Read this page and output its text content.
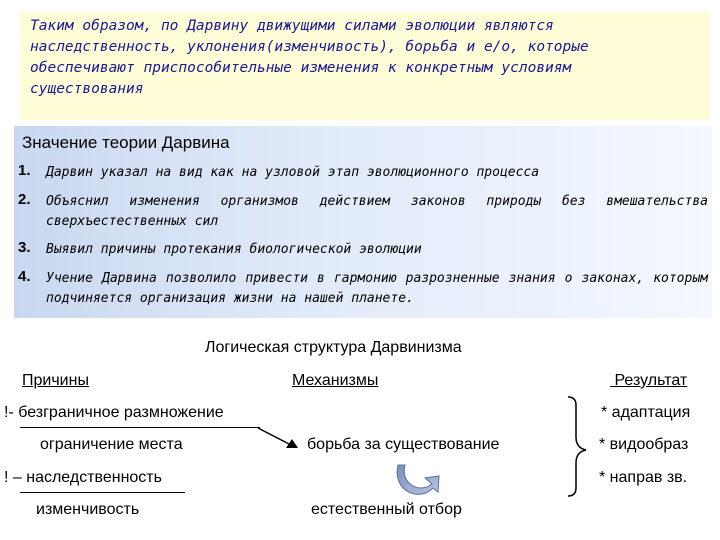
Таким образом, по Дарвину движущими силами эволюции являются
наследственность, уклонения(изменчивость), борьба и е/о, которые
обеспечивают приспособительные изменения к конкретным условиям
существования
Значение теории Дарвина
1. Дарвин указал на вид как на узловой этап эволюционного процесса
2. Объяснил изменения организмов действием законов природы без вмешательства сверхъестественных сил
3. Выявил причины протекания биологической эволюции
4. Учение Дарвина позволило привести в гармонию разрозненные знания о законах, которым подчиняется организация жизни на нашей планете.
Логическая структура Дарвинизма
Причины	Механизмы	Результат
!- безграничное размножение
ограничение места
! – наследственность
изменчивость
борьба за существование
естественный отбор
* адаптация
* видообраз
* направ зв.
